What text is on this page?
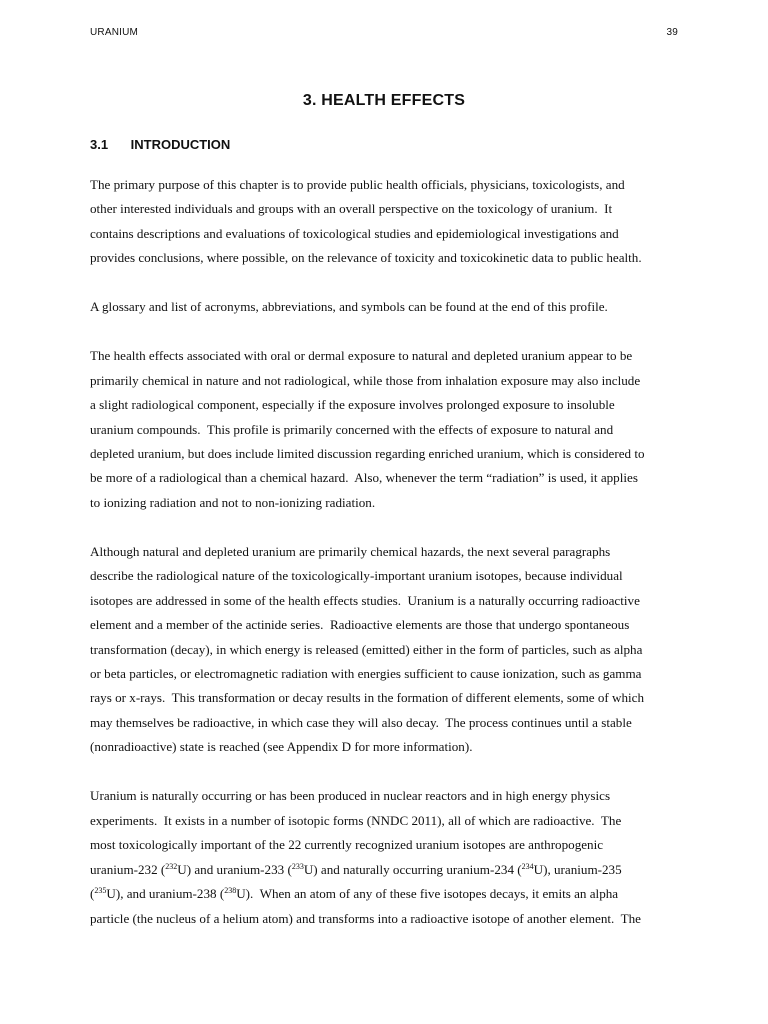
URANIUM	39
3. HEALTH EFFECTS
3.1 INTRODUCTION

The primary purpose of this chapter is to provide public health officials, physicians, toxicologists, and
other interested individuals and groups with an overall perspective on the toxicology of uranium.  It
contains descriptions and evaluations of toxicological studies and epidemiological investigations and
provides conclusions, where possible, on the relevance of toxicity and toxicokinetic data to public health.

A glossary and list of acronyms, abbreviations, and symbols can be found at the end of this profile.

The health effects associated with oral or dermal exposure to natural and depleted uranium appear to be
primarily chemical in nature and not radiological, while those from inhalation exposure may also include
a slight radiological component, especially if the exposure involves prolonged exposure to insoluble
uranium compounds.  This profile is primarily concerned with the effects of exposure to natural and
depleted uranium, but does include limited discussion regarding enriched uranium, which is considered to
be more of a radiological than a chemical hazard.  Also, whenever the term “radiation” is used, it applies
to ionizing radiation and not to non-ionizing radiation.

Although natural and depleted uranium are primarily chemical hazards, the next several paragraphs
describe the radiological nature of the toxicologically-important uranium isotopes, because individual
isotopes are addressed in some of the health effects studies.  Uranium is a naturally occurring radioactive
element and a member of the actinide series.  Radioactive elements are those that undergo spontaneous
transformation (decay), in which energy is released (emitted) either in the form of particles, such as alpha
or beta particles, or electromagnetic radiation with energies sufficient to cause ionization, such as gamma
rays or x-rays.  This transformation or decay results in the formation of different elements, some of which
may themselves be radioactive, in which case they will also decay.  The process continues until a stable
(nonradioactive) state is reached (see Appendix D for more information).

Uranium is naturally occurring or has been produced in nuclear reactors and in high energy physics
experiments.  It exists in a number of isotopic forms (NNDC 2011), all of which are radioactive.  The
most toxicologically important of the 22 currently recognized uranium isotopes are anthropogenic
uranium-232 ($^{232}$U) and uranium-233 ($^{233}$U) and naturally occurring uranium-234 ($^{234}$U), uranium-235
($^{235}$U), and uranium-238 ($^{238}$U).  When an atom of any of these five isotopes decays, it emits an alpha
particle (the nucleus of a helium atom) and transforms into a radioactive isotope of another element.  The
